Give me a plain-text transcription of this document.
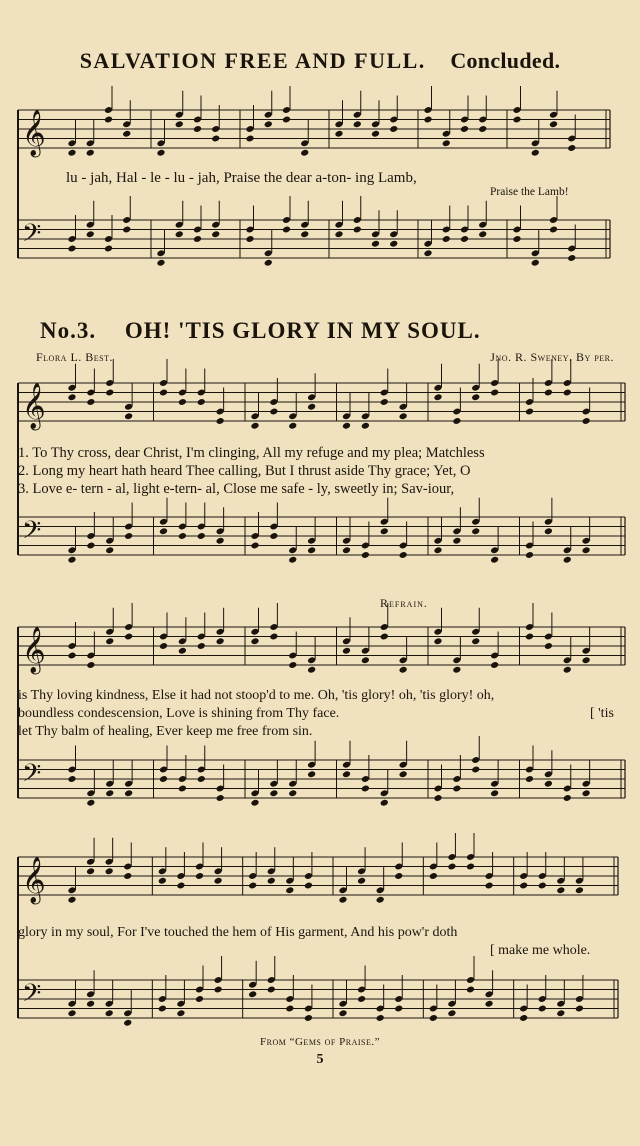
𝄞
𝄢
𝄞
𝄢
𝄞
𝄢
𝄞
𝄢
SALVATION FREE AND FULL. Concluded.
lu - jah, Hal - le - lu - jah, Praise the dear a-ton- ing Lamb,
Praise the Lamb!
No.3. OH! 'TIS GLORY IN MY SOUL.
Flora L. Best.	Jno. R. Sweney. By per.
1. To Thy cross, dear Christ, I'm clinging, All my refuge and my plea; Matchless
2. Long my heart hath heard Thee calling, But I thrust aside Thy grace; Yet, O
3. Love e- tern - al, light e-tern- al, Close me safe - ly, sweetly in; Sav-iour,
Refrain.
is Thy loving kindness, Else it had not stoop'd to me. Oh, 'tis glory! oh, 'tis glory! oh,
boundless condescension, Love is shining from Thy face.	[ 'tis
let Thy balm of healing, Ever keep me free from sin.
glory in my soul, For I've touched the hem of His garment, And his pow'r doth
[ make me whole.
From “Gems of Praise.”
5
